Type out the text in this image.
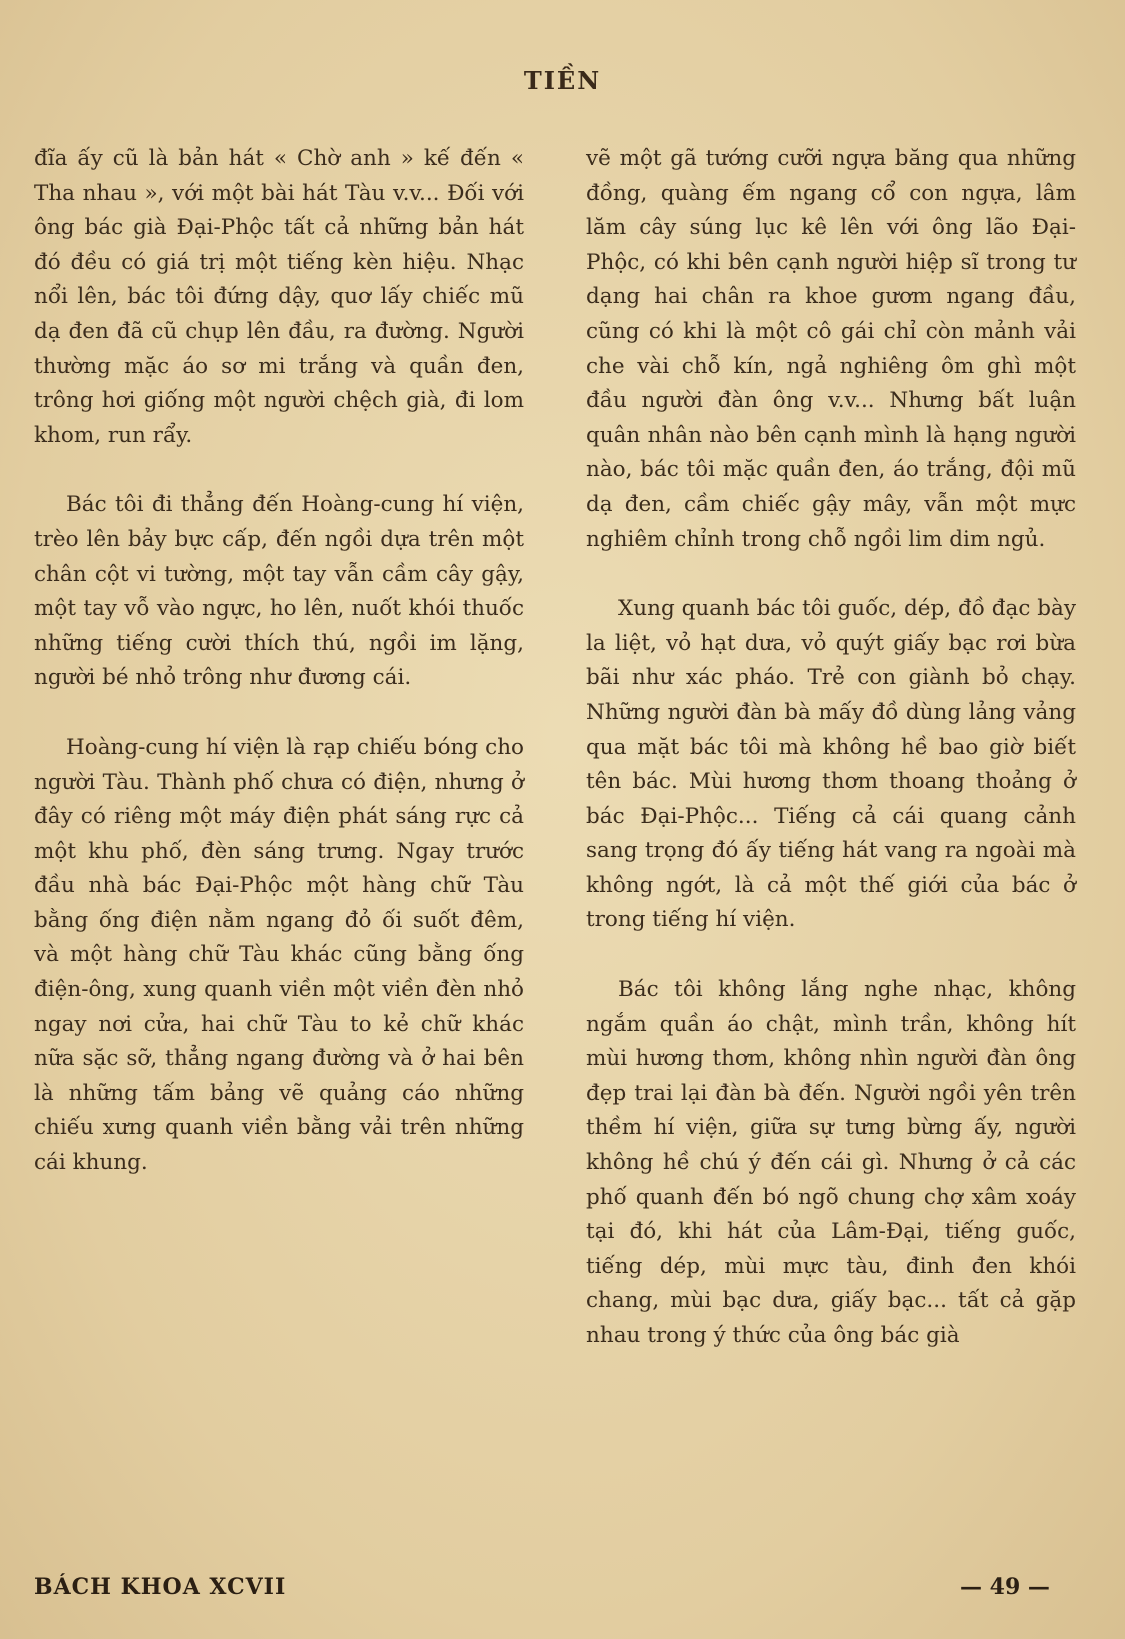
TIỀN

đĩa ấy cũ là bản hát « Chờ anh » kế đến « Tha nhau », với một bài hát Tàu v.v... Đối với ông bác già Đại-Phộc tất cả những bản hát đó đều có giá trị một tiếng kèn hiệu. Nhạc nổi lên, bác tôi đứng dậy, quơ lấy chiếc mũ dạ đen đã cũ chụp lên đầu, ra đường. Người thường mặc áo sơ mi trắng và quần đen, trông hơi giống một người chệch già, đi lom khom, run rẩy.

Bác tôi đi thẳng đến Hoàng-cung hí viện, trèo lên bảy bực cấp, đến ngồi dựa trên một chân cột vi tường, một tay vẫn cầm cây gậy, một tay vỗ vào ngực, ho lên, nuốt khói thuốc những tiếng cười thích thú, ngồi im lặng, người bé nhỏ trông như đương cái.

Hoàng-cung hí viện là rạp chiếu bóng cho người Tàu. Thành phố chưa có điện, nhưng ở đây có riêng một máy điện phát sáng rực cả một khu phố, đèn sáng trưng. Ngay trước đầu nhà bác Đại-Phộc một hàng chữ Tàu bằng ống điện nằm ngang đỏ ối suốt đêm, và một hàng chữ Tàu khác cũng bằng ống điện-ông, xung quanh viền một viền đèn nhỏ ngay nơi cửa, hai chữ Tàu to kẻ chữ khác nữa sặc sỡ, thẳng ngang đường và ở hai bên là những tấm bảng vẽ quảng cáo những chiếu xưng quanh viền bằng vải trên những cái khung.

vẽ một gã tướng cưỡi ngựa băng qua những đồng, quàng ếm ngang cổ con ngựa, lâm lăm cây súng lục kê lên với ông lão Đại-Phộc, có khi bên cạnh người hiệp sĩ trong tư dạng hai chân ra khoe gươm ngang đầu, cũng có khi là một cô gái chỉ còn mảnh vải che vài chỗ kín, ngả nghiêng ôm ghì một đầu người đàn ông v.v... Nhưng bất luận quân nhân nào bên cạnh mình là hạng người nào, bác tôi mặc quần đen, áo trắng, đội mũ dạ đen, cầm chiếc gậy mây, vẫn một mực nghiêm chỉnh trong chỗ ngồi lim dim ngủ.

Xung quanh bác tôi guốc, dép, đồ đạc bày la liệt, vỏ hạt dưa, vỏ quýt giấy bạc rơi bừa bãi như xác pháo. Trẻ con giành bỏ chạy. Những người đàn bà mấy đồ dùng lảng vảng qua mặt bác tôi mà không hề bao giờ biết tên bác. Mùi hương thơm thoang thoảng ở bác Đại-Phộc... Tiếng cả cái quang cảnh sang trọng đó ấy tiếng hát vang ra ngoài mà không ngớt, là cả một thế giới của bác ở trong tiếng hí viện.

Bác tôi không lắng nghe nhạc, không ngắm quần áo chật, mình trần, không hít mùi hương thơm, không nhìn người đàn ông đẹp trai lại đàn bà đến. Người ngồi yên trên thềm hí viện, giữa sự tưng bừng ấy, người không hề chú ý đến cái gì. Nhưng ở cả các phố quanh đến bó ngõ chung chợ xâm xoáy tại đó, khi hát của Lâm-Đại, tiếng guốc, tiếng dép, mùi mực tàu, đinh đen khói chang, mùi bạc dưa, giấy bạc... tất cả gặp nhau trong ý thức của ông bác già

BÁCH KHOA XCVII	— 49 —
